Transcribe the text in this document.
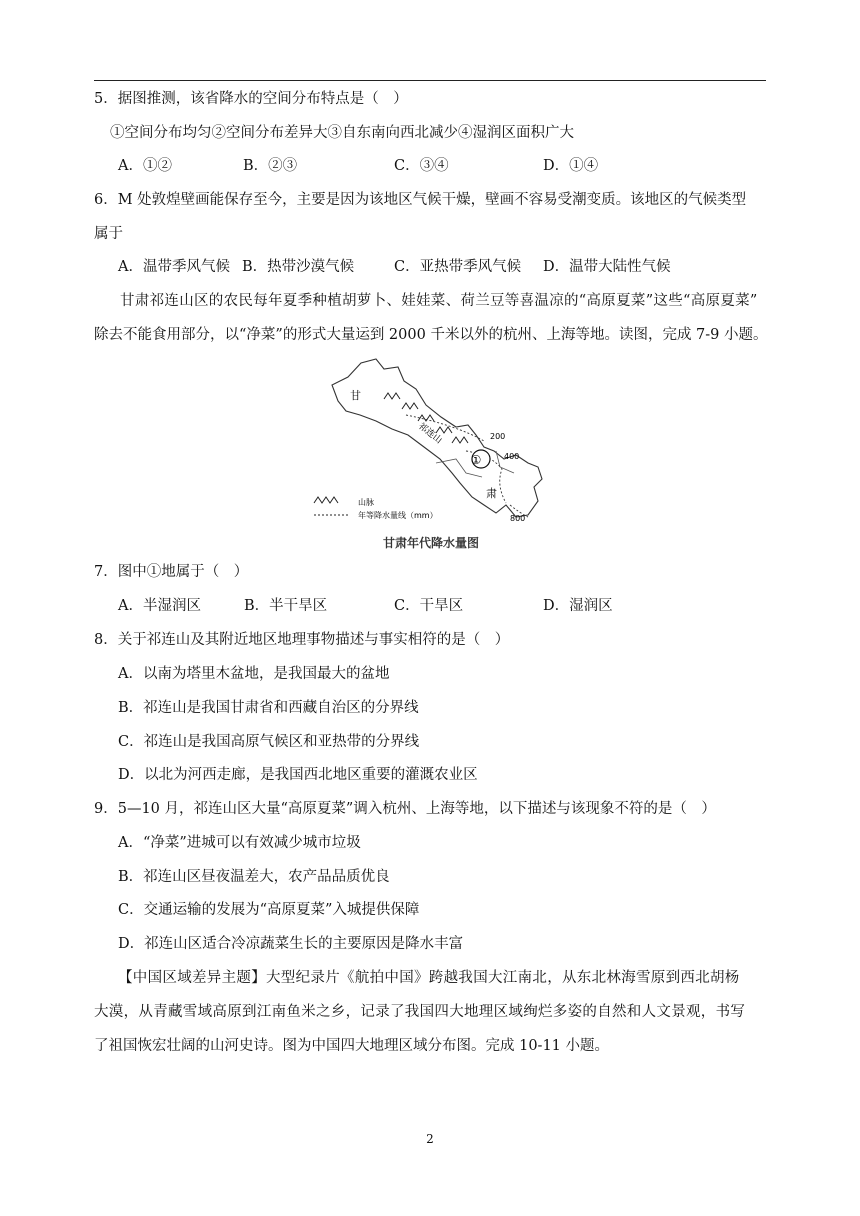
5．据图推测，该省降水的空间分布特点是（　）
①空间分布均匀②空间分布差异大③自东南向西北减少④湿润区面积广大
A．①②	B．②③	C．③④	D．①④
6．M 处敦煌壁画能保存至今，主要是因为该地区气候干燥，壁画不容易受潮变质。该地区的气候类型
属于
A．温带季风气候 B．热带沙漠气候	C．亚热带季风气候 D．温带大陆性气候
甘肃祁连山区的农民每年夏季种植胡萝卜、娃娃菜、荷兰豆等喜温凉的“高原夏菜”这些“高原夏菜”
除去不能食用部分，以“净菜”的形式大量运到 2000 千米以外的杭州、上海等地。读图，完成 7-9 小题。
甘
肃
①
祁连山	200
400
800
山脉
年等降水量线（mm）
甘肃年代降水量图
7．图中①地属于（　）
A．半湿润区	B．半干旱区	C．干旱区	D．湿润区
8．关于祁连山及其附近地区地理事物描述与事实相符的是（　）
A．以南为塔里木盆地，是我国最大的盆地
B．祁连山是我国甘肃省和西藏自治区的分界线
C．祁连山是我国高原气候区和亚热带的分界线
D．以北为河西走廊，是我国西北地区重要的灌溉农业区
9．5—10 月，祁连山区大量“高原夏菜”调入杭州、上海等地，以下描述与该现象不符的是（　）
A．“净菜”进城可以有效减少城市垃圾
B．祁连山区昼夜温差大，农产品品质优良
C．交通运输的发展为“高原夏菜”入城提供保障
D．祁连山区适合冷凉蔬菜生长的主要原因是降水丰富
【中国区域差异主题】大型纪录片《航拍中国》跨越我国大江南北，从东北林海雪原到西北胡杨
大漠，从青藏雪域高原到江南鱼米之乡，记录了我国四大地理区域绚烂多姿的自然和人文景观，书写
了祖国恢宏壮阔的山河史诗。图为中国四大地理区域分布图。完成 10-11 小题。
2
